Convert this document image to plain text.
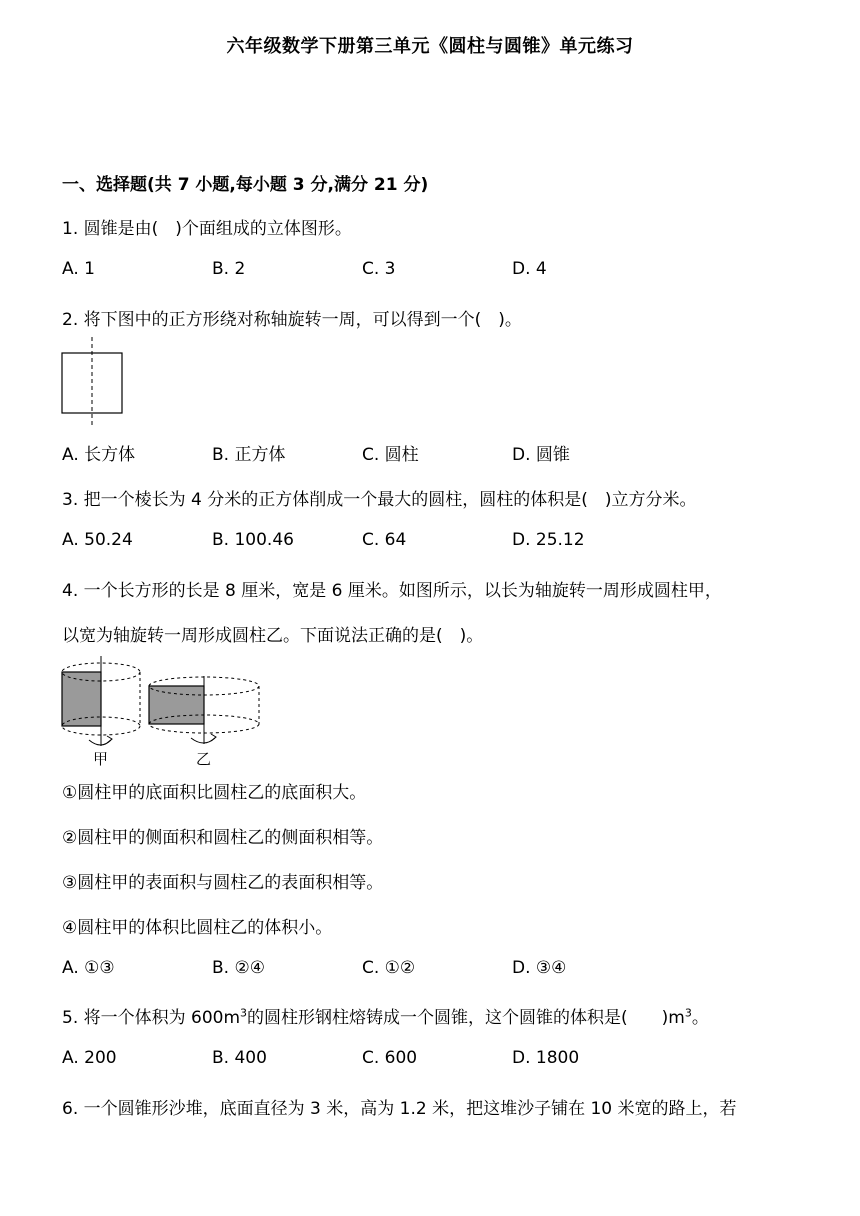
六年级数学下册第三单元《圆柱与圆锥》单元练习
一、选择题(共 7 小题,每小题 3 分,满分 21 分)
1. 圆锥是由(　)个面组成的立体图形。
A. 1	B. 2	C. 3	D. 4
2. 将下图中的正方形绕对称轴旋转一周，可以得到一个(　)。
A. 长方体	B. 正方体	C. 圆柱	D. 圆锥
3. 把一个棱长为 4 分米的正方体削成一个最大的圆柱，圆柱的体积是(　)立方分米。
A. 50.24	B. 100.46	C. 64	D. 25.12
4. 一个长方形的长是 8 厘米，宽是 6 厘米。如图所示，以长为轴旋转一周形成圆柱甲，
以宽为轴旋转一周形成圆柱乙。下面说法正确的是(　)。
甲	乙
①圆柱甲的底面积比圆柱乙的底面积大。
②圆柱甲的侧面积和圆柱乙的侧面积相等。
③圆柱甲的表面积与圆柱乙的表面积相等。
④圆柱甲的体积比圆柱乙的体积小。
A. ①③	B. ②④	C. ①②	D. ③④
5. 将一个体积为 $600m^3$的圆柱形钢柱熔铸成一个圆锥，这个圆锥的体积是(　　)$m^3$。
A. 200	B. 400	C. 600	D. 1800
6. 一个圆锥形沙堆，底面直径为 3 米，高为 1.2 米，把这堆沙子铺在 10 米宽的路上，若
